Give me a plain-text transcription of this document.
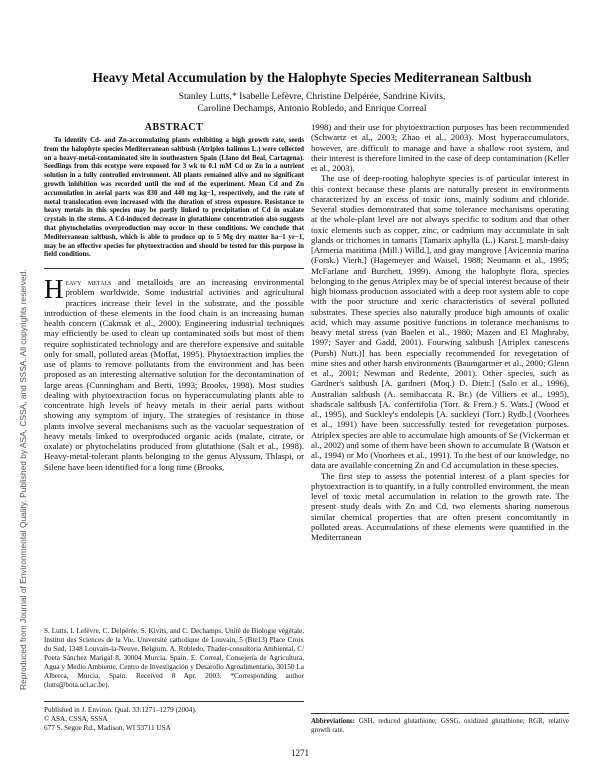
Reproduced from Journal of Environmental Quality. Published by ASA, CSSA, and SSSA. All copyrights reserved.
Heavy Metal Accumulation by the Halophyte Species Mediterranean Saltbush
Stanley Lutts,* Isabelle Lefèvre, Christine Delpérée, Sandrine Kivits,
Caroline Dechamps, Antonio Robledo, and Enrique Correal
ABSTRACT

To identify Cd- and Zn-accumulating plants exhibiting a high growth rate, seeds from the halophyte species Mediterranean saltbush (Atriplex halimus L.) were collected on a heavy-metal-contaminated site in southeastern Spain (Llano del Beal, Cartagena). Seedlings from this ecotype were exposed for 3 wk to 0.1 mM Cd or Zn in a nutrient solution in a fully controlled environment. All plants remained alive and no significant growth inhibition was recorded until the end of the experiment. Mean Cd and Zn accumulation in aerial parts was 830 and 440 mg kg−1, respectively, and the rate of metal translocation even increased with the duration of stress exposure. Resistance to heavy metals in this species may be partly linked to precipitation of Cd in oxalate crystals in the stems. A Cd-induced decrease in glutathione concentration also suggests that phytochelatins overproduction may occur in these conditions. We conclude that Mediterranean saltbush, which is able to produce up to 5 Mg dry matter ha−1 yr−1, may be an effective species for phytoextraction and should be tested for this purpose in field conditions.

Heavy metals and metalloids are an increasing environmental problem worldwide. Some industrial activities and agricultural practices increase their level in the substrate, and the possible introduction of these elements in the food chain is an increasing human health concern (Cakmak et al., 2000). Engineering industrial techniques may efficiently be used to clean up contaminated soils but most of them require sophisticated technology and are therefore expensive and suitable only for small, polluted areas (Moffat, 1995). Phytoextraction implies the use of plants to remove pollutants from the environment and has been proposed as an interesting alternative solution for the decontamination of large areas (Cunningham and Berti, 1993; Brooks, 1998). Most studies dealing with phytoextraction focus on hyperaccumulating plants able to concentrate high levels of heavy metals in their aerial parts without showing any symptom of injury. The strategies of resistance in those plants involve several mechanisms such as the vacuolar sequestration of heavy metals linked to overproduced organic acids (malate, citrate, or oxalate) or phytochelatins produced from glutathione (Salt et al., 1998). Heavy-metal-tolerant plants belonging to the genus Alyssum, Thlaspi, or Silene have been identified for a long time (Brooks,

S. Lutts, I. Lefèvre, C. Delpérée, S. Kivits, and C. Dechamps, Unité de Biologie végétale, Institut des Sciences de la Vie, Université catholique de Louvain, 5 (Bte13) Place Croix du Sud, 1348 Louvain-la-Neuve, Belgium. A. Robledo, Thader-consultoria Ambiental, C/ Poeta Sánchez Marigal 8, 30004 Murcia, Spain. E. Correal, Consejería de Agricultura, Agua y Medio Ambiente, Centro de Investigación y Desarollo Agroalimentario, 30150 La Alberca, Murcia, Spain. Received 8 Apr. 2003. *Corresponding author (lutts@bota.ucl.ac.be).

Published in J. Environ. Qual. 33:1271–1279 (2004).
© ASA, CSSA, SSSA
677 S. Segoe Rd., Madison, WI 53711 USA

1998) and their use for phytoextraction purposes has been recommended (Schwartz et al., 2003; Zhao et al., 2003). Most hyperaccumulators, however, are difficult to manage and have a shallow root system, and their interest is therefore limited in the case of deep contamination (Keller et al., 2003).

The use of deep-rooting halophyte species is of particular interest in this context because these plants are naturally present in environments characterized by an excess of toxic ions, mainly sodium and chloride. Several studies demonstrated that some tolerance mechanisms operating at the whole-plant level are not always specific to sodium and that other toxic elements such as copper, zinc, or cadmium may accumulate in salt glands or trichomes in tamaris [Tamarix aphylla (L.) Karst.], marsh-daisy [Armeria maritima (Mill.) Willd.], and gray mangrove [Avicennia marina (Forsk.) Vierh.] (Hagemeyer and Waisel, 1988; Neumann et al., 1995; McFarlane and Burchett, 1999). Among the halophyte flora, species belonging to the genus Atriplex may be of special interest because of their high biomass production associated with a deep root system able to cope with the poor structure and xeric characteristics of several polluted substrates. These species also naturally produce high amounts of oxalic acid, which may assume positive functions in tolerance mechanisms to heavy metal stress (van Baelen et al., 1980; Mazen and El Maghraby, 1997; Sayer and Gadd, 2001). Fourwing saltbush [Atriplex canescens (Pursh) Nutt.)] has been especially recommended for revegetation of mine sites and other harsh environments (Baumgartner et al., 2000; Glenn et al., 2001; Newman and Redente, 2001). Other species, such as Gardner's saltbush [A. gardneri (Moq.) D. Dietr.] (Salo et al., 1996), Australian saltbush (A. semibaccata R. Br.) (de Villiers et al., 1995), shadscale saltbush [A. confertifolia (Torr. & Frem.) S. Wats.] (Wood et al., 1995), and Suckley's endolepis [A. suckleyi (Torr.) Rydb.] (Voorhees et al., 1991) have been successfully tested for revegetation purposes. Atriplex species are able to accumulate high amounts of Se (Vickerman et al., 2002) and some of them have been shown to accumulate B (Watson et al., 1994) or Mo (Voorhees et al., 1991). To the best of our knowledge, no data are available concerning Zn and Cd accumulation in these species.

The first step to assess the potential interest of a plant species for phytoextraction is to quantify, in a fully controlled environment, the mean level of toxic metal accumulation in relation to the growth rate. The present study deals with Zn and Cd, two elements sharing numerous similar chemical properties that are often present concomitantly in polluted areas. Accumulations of these elements were quantified in the Mediterranean

Abbreviations: GSH, reduced glutathione; GSSG, oxidized glutathione; RGR, relative growth rate.

1271
